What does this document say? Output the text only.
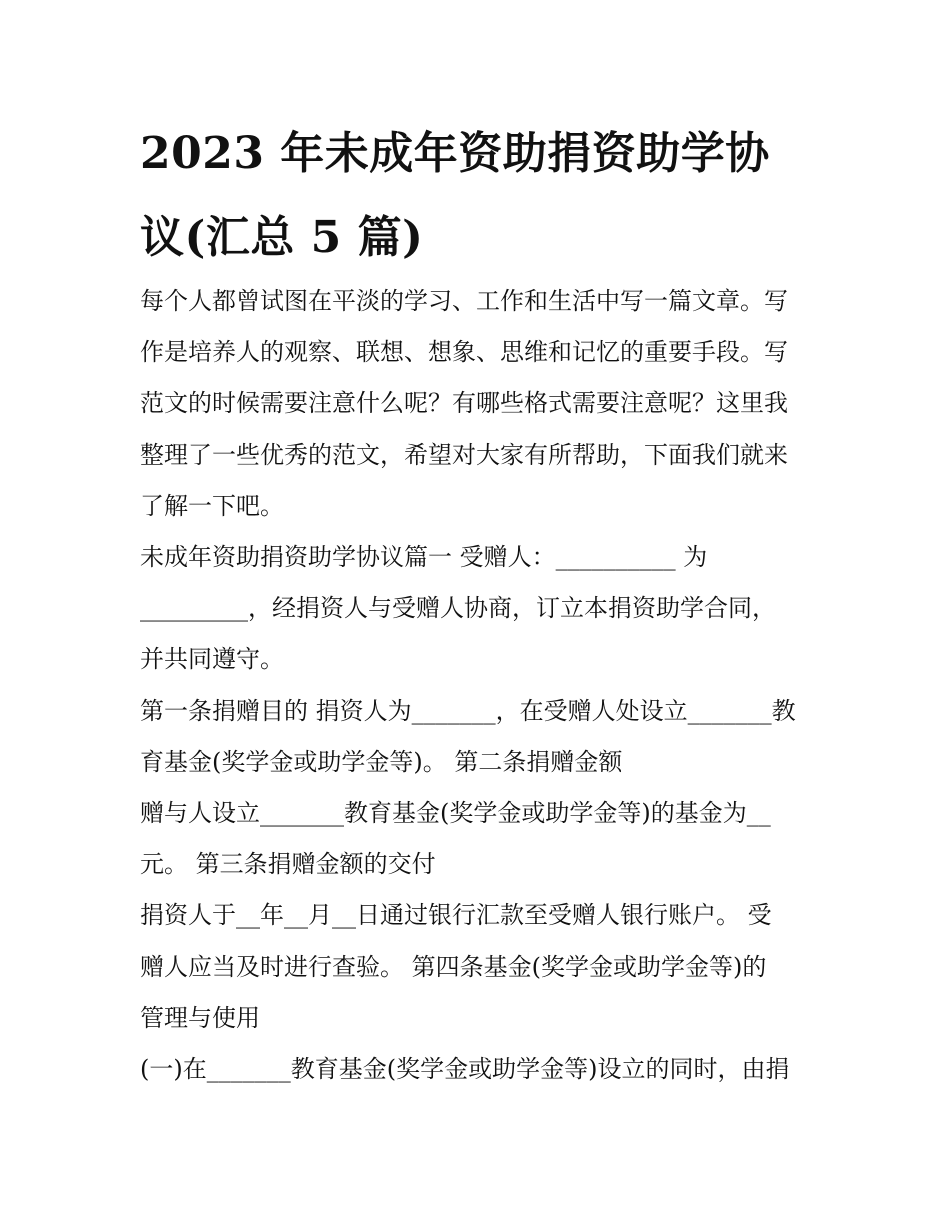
2023 年未成年资助捐资助学协
议(汇总 5 篇)

每个人都曾试图在平淡的学习、工作和生活中写一篇文章。写
作是培养人的观察、联想、想象、思维和记忆的重要手段。写
范文的时候需要注意什么呢？有哪些格式需要注意呢？这里我
整理了一些优秀的范文，希望对大家有所帮助，下面我们就来
了解一下吧。

未成年资助捐资助学协议篇一 受赠人：__________ 为
_________，经捐资人与受赠人协商，订立本捐资助学合同，
并共同遵守。

第一条捐赠目的 捐资人为_______，在受赠人处设立_______教
育基金(奖学金或助学金等)。 第二条捐赠金额

赠与人设立_______教育基金(奖学金或助学金等)的基金为__
元。 第三条捐赠金额的交付

捐资人于__年__月__日通过银行汇款至受赠人银行账户。 受
赠人应当及时进行查验。 第四条基金(奖学金或助学金等)的
管理与使用

(一)在_______教育基金(奖学金或助学金等)设立的同时，由捐
